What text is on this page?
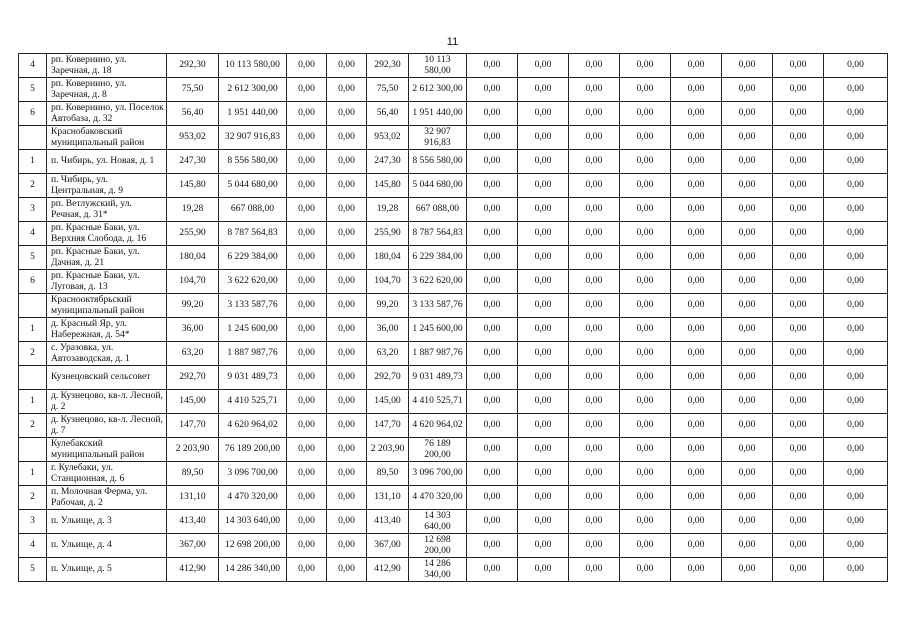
11
4	рп. Ковернино, ул. Заречная, д. 18	292,30	10 113 580,00	0,00	0,00	292,30	10 113 580,00	0,00	0,00	0,00	0,00	0,00	0,00	0,00	0,00
5	рп. Ковернино, ул. Заречная, д. 8	75,50	2 612 300,00	0,00	0,00	75,50	2 612 300,00	0,00	0,00	0,00	0,00	0,00	0,00	0,00	0,00
6	рп. Ковернино, ул. Поселок Автобаза, д. 32	56,40	1 951 440,00	0,00	0,00	56,40	1 951 440,00	0,00	0,00	0,00	0,00	0,00	0,00	0,00	0,00
	Краснобаковский муниципальный район	953,02	32 907 916,83	0,00	0,00	953,02	32 907 916,83	0,00	0,00	0,00	0,00	0,00	0,00	0,00	0,00
1	п. Чибирь, ул. Новая, д. 1	247,30	8 556 580,00	0,00	0,00	247,30	8 556 580,00	0,00	0,00	0,00	0,00	0,00	0,00	0,00	0,00
2	п. Чибирь, ул. Центральная, д. 9	145,80	5 044 680,00	0,00	0,00	145,80	5 044 680,00	0,00	0,00	0,00	0,00	0,00	0,00	0,00	0,00
3	рп. Ветлужский, ул. Речная, д. 31*	19,28	667 088,00	0,00	0,00	19,28	667 088,00	0,00	0,00	0,00	0,00	0,00	0,00	0,00	0,00
4	рп. Красные Баки, ул. Верхняя Слобода, д. 16	255,90	8 787 564,83	0,00	0,00	255,90	8 787 564,83	0,00	0,00	0,00	0,00	0,00	0,00	0,00	0,00
5	рп. Красные Баки, ул. Дачная, д. 21	180,04	6 229 384,00	0,00	0,00	180,04	6 229 384,00	0,00	0,00	0,00	0,00	0,00	0,00	0,00	0,00
6	рп. Красные Баки, ул. Луговая, д. 13	104,70	3 622 620,00	0,00	0,00	104,70	3 622 620,00	0,00	0,00	0,00	0,00	0,00	0,00	0,00	0,00
	Краснооктябрьский муниципальный район	99,20	3 133 587,76	0,00	0,00	99,20	3 133 587,76	0,00	0,00	0,00	0,00	0,00	0,00	0,00	0,00
1	д. Красный Яр, ул. Набережная, д. 54*	36,00	1 245 600,00	0,00	0,00	36,00	1 245 600,00	0,00	0,00	0,00	0,00	0,00	0,00	0,00	0,00
2	с. Уразовка, ул. Автозаводская, д. 1	63,20	1 887 987,76	0,00	0,00	63,20	1 887 987,76	0,00	0,00	0,00	0,00	0,00	0,00	0,00	0,00
	Кузнецовский сельсовет	292,70	9 031 489,73	0,00	0,00	292,70	9 031 489,73	0,00	0,00	0,00	0,00	0,00	0,00	0,00	0,00
1	д. Кузнецово, кв-л. Лесной, д. 2	145,00	4 410 525,71	0,00	0,00	145,00	4 410 525,71	0,00	0,00	0,00	0,00	0,00	0,00	0,00	0,00
2	д. Кузнецово, кв-л. Лесной, д. 7	147,70	4 620 964,02	0,00	0,00	147,70	4 620 964,02	0,00	0,00	0,00	0,00	0,00	0,00	0,00	0,00
	Кулебакский муниципальный район	2 203,90	76 189 200,00	0,00	0,00	2 203,90	76 189 200,00	0,00	0,00	0,00	0,00	0,00	0,00	0,00	0,00
1	г. Кулебаки, ул. Станционная, д. 6	89,50	3 096 700,00	0,00	0,00	89,50	3 096 700,00	0,00	0,00	0,00	0,00	0,00	0,00	0,00	0,00
2	п. Молочная Ферма, ул. Рабочая, д. 2	131,10	4 470 320,00	0,00	0,00	131,10	4 470 320,00	0,00	0,00	0,00	0,00	0,00	0,00	0,00	0,00
3	п. Ульище, д. 3	413,40	14 303 640,00	0,00	0,00	413,40	14 303 640,00	0,00	0,00	0,00	0,00	0,00	0,00	0,00	0,00
4	п. Ульище, д. 4	367,00	12 698 200,00	0,00	0,00	367,00	12 698 200,00	0,00	0,00	0,00	0,00	0,00	0,00	0,00	0,00
5	п. Ульище, д. 5	412,90	14 286 340,00	0,00	0,00	412,90	14 286 340,00	0,00	0,00	0,00	0,00	0,00	0,00	0,00	0,00
